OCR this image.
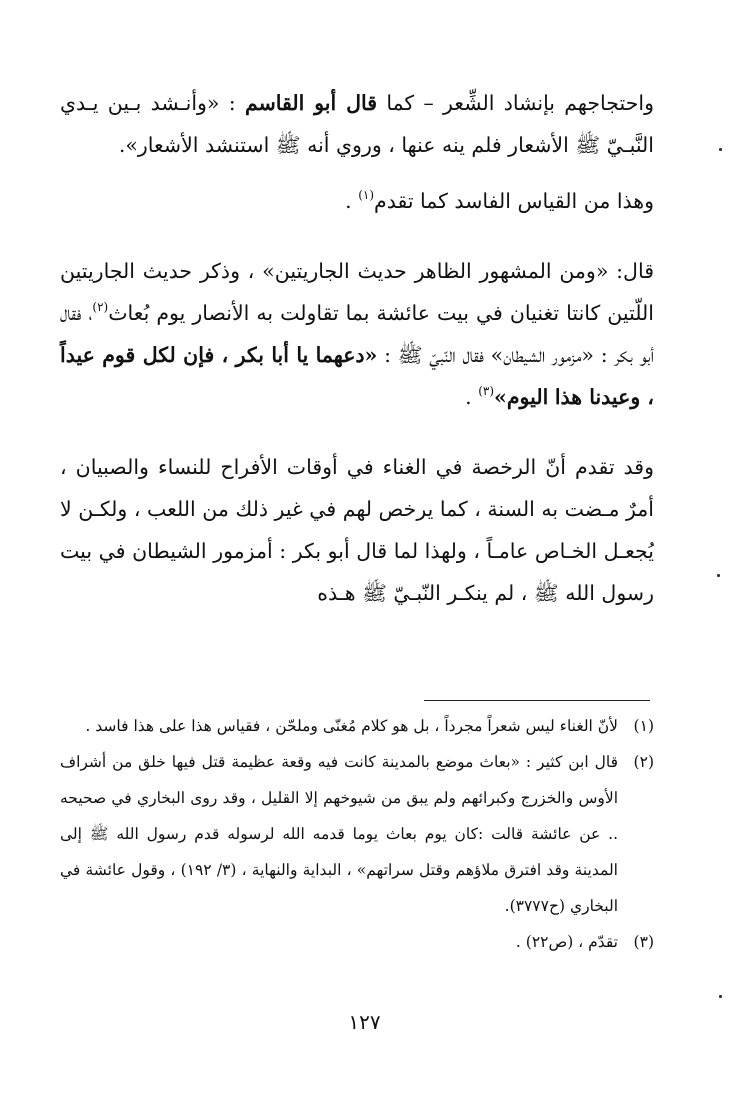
واحتجاجهم بإنشاد الشِّعر – كما قال أبو القاسم : «وأنـشد بـين يـدي النَّبـيّ ﷺ الأشعار فلم ينه عنها ، وروي أنه ﷺ استنشد الأشعار».

وهذا من القياس الفاسد كما تقدم$^{(١)}$ .

قال: «ومن المشهور الظاهر حديث الجاريتين» ، وذكر حديث الجاريتين اللّتين كانتا تغنيان في بيت عائشة بما تقاولت به الأنصار يوم بُعاث$^{(٢)}$، فقال أبو بكر : «مزمور الشيطان» فقال النّبيّ ﷺ : «دعهما يا أبا بكر ، فإن لكل قوم عيداً ، وعيدنا هذا اليوم»$^{(٣)}$ .

وقد تقدم أنّ الرخصة في الغناء في أوقات الأفراح للنساء والصبيان ، أمرٌ مـضت به السنة ، كما يرخص لهم في غير ذلك من اللعب ، ولكـن لا يُجعـل الخـاص عامـاً ، ولهذا لما قال أبو بكر : أمزمور الشيطان في بيت رسول الله ﷺ ، لم ينكـر النّبـيّ ﷺ هـذه

(١)
لأنّ الغناء ليس شعراً مجرداً ، بل هو كلام مُغنّى وملحّن ، فقياس هذا على هذا فاسد .
(٢)
قال ابن كثير : «بعاث موضع بالمدينة كانت فيه وقعة عظيمة قتل فيها خلق من أشراف الأوس والخزرج وكبرائهم ولم يبق من شيوخهم إلا القليل ، وقد روى البخاري في صحيحه .. عن عائشة قالت :كان يوم بعاث يوما قدمه الله لرسوله قدم رسول الله ﷺ إلى المدينة وقد افترق ملاؤهم وقتل سراتهم» ، البداية والنهاية ، (٣/ ١٩٢) ، وقول عائشة في البخاري (ح٣٧٧٧).
(٣)
تقدّم ، (ص٢٢) .
١٢٧
